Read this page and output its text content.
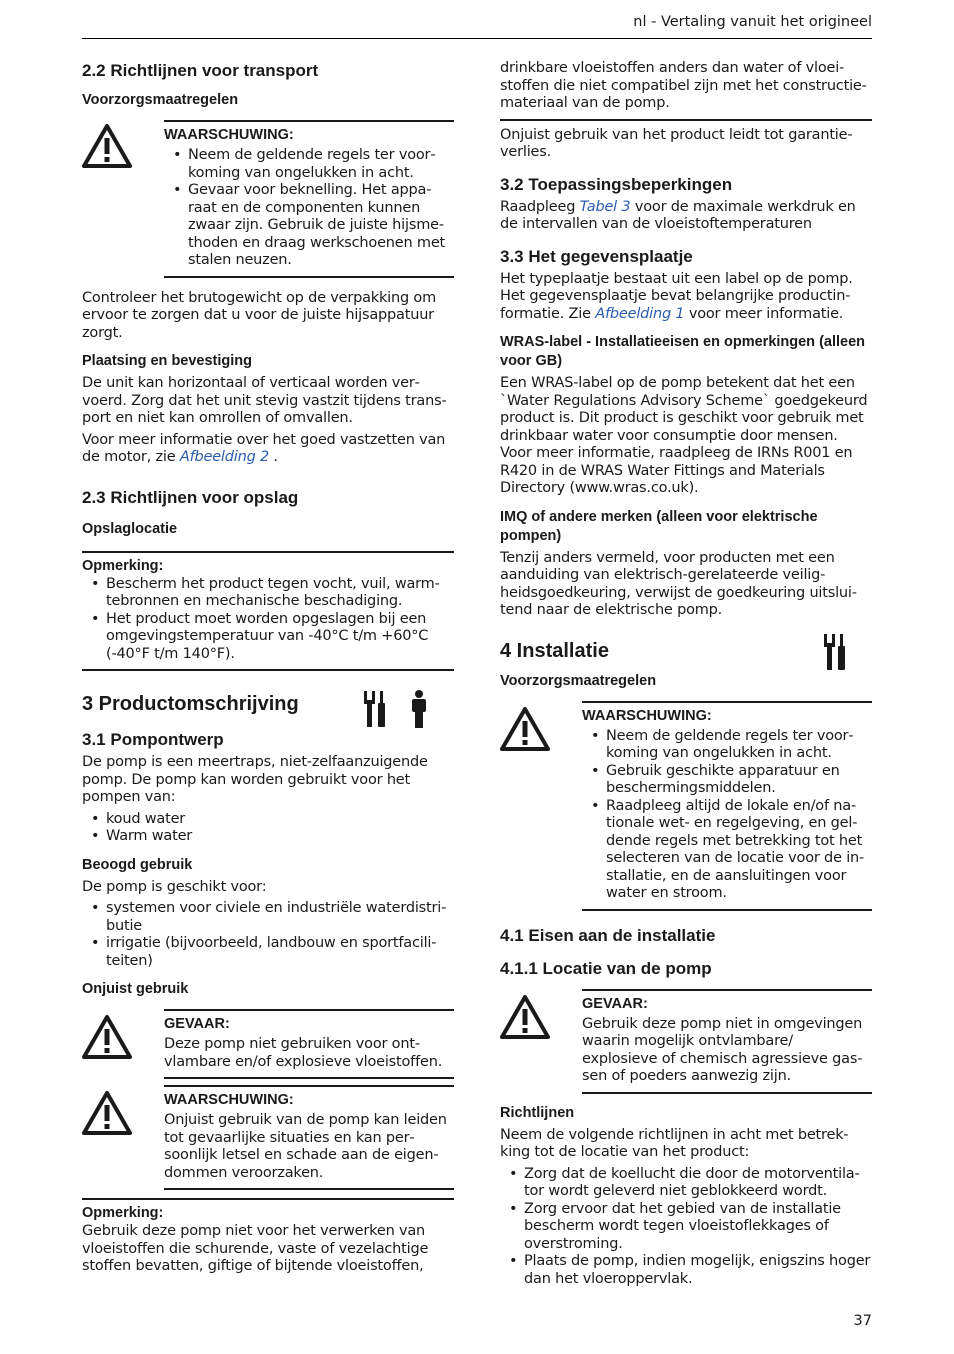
nl - Vertaling vanuit het origineel
2.2 Richtlijnen voor transport
Voorzorgsmaatregelen
WAARSCHUWING:
• Neem de geldende regels ter voorkoming van ongelukken in acht.
• Gevaar voor beknelling. Het apparaat en de componenten kunnen zwaar zijn. Gebruik de juiste hijsmethoden en draag werkschoenen met stalen neuzen.

Controleer het brutogewicht op de verpakking om ervoor te zorgen dat u voor de juiste hijsappatuur zorgt.

Plaatsing en bevestiging

De unit kan horizontaal of verticaal worden vervoerd. Zorg dat het unit stevig vastzit tijdens transport en niet kan omrollen of omvallen.

Voor meer informatie over het goed vastzetten van de motor, zie Afbeelding 2 .

2.3 Richtlijnen voor opslag
Opslaglocatie
Opmerking:
• Bescherm het product tegen vocht, vuil, warmtebronnen en mechanische beschadiging.
• Het product moet worden opgeslagen bij een omgevingstemperatuur van -40°C t/m +60°C (-40°F t/m 140°F).
3 Productomschrijving
3.1 Pompontwerp

De pomp is een meertraps, niet-zelfaanzuigende pomp. De pomp kan worden gebruikt voor het pompen van:

• koud water
• Warm water
Beoogd gebruik

De pomp is geschikt voor:

• systemen voor civiele en industriële waterdistributie
• irrigatie (bijvoorbeeld, landbouw en sportfaciliteiten)
Onjuist gebruik
GEVAAR:

Deze pomp niet gebruiken voor ontvlambare en/of explosieve vloeistoffen.

WAARSCHUWING:

Onjuist gebruik van de pomp kan leiden tot gevaarlijke situaties en kan persoonlijk letsel en schade aan de eigendommen veroorzaken.

Opmerking:

Gebruik deze pomp niet voor het verwerken van vloeistoffen die schurende, vaste of vezelachtige stoffen bevatten, giftige of bijtende vloeistoffen,

drinkbare vloeistoffen anders dan water of vloeistoffen die niet compatibel zijn met het constructiemateriaal van de pomp.

Onjuist gebruik van het product leidt tot garantieverlies.

3.2 Toepassingsbeperkingen

Raadpleeg Tabel 3 voor de maximale werkdruk en de intervallen van de vloeistoftemperaturen

3.3 Het gegevensplaatje

Het typeplaatje bestaat uit een label op de pomp. Het gegevensplaatje bevat belangrijke productinformatie. Zie Afbeelding 1 voor meer informatie.

WRAS-label - Installatieeisen en opmerkingen (alleen voor GB)

Een WRAS-label op de pomp betekent dat het een `Water Regulations Advisory Scheme` goedgekeurd product is. Dit product is geschikt voor gebruik met drinkbaar water voor consumptie door mensen. Voor meer informatie, raadpleeg de IRNs R001 en R420 in de WRAS Water Fittings and Materials Directory (www.wras.co.uk).

IMQ of andere merken (alleen voor elektrische pompen)

Tenzij anders vermeld, voor producten met een aanduiding van elektrisch-gerelateerde veiligheidsgoedkeuring, verwijst de goedkeuring uitsluitend naar de elektrische pomp.

4 Installatie
Voorzorgsmaatregelen
WAARSCHUWING:
• Neem de geldende regels ter voorkoming van ongelukken in acht.
• Gebruik geschikte apparatuur en beschermingsmiddelen.
• Raadpleeg altijd de lokale en/of nationale wet- en regelgeving, en geldende regels met betrekking tot het selecteren van de locatie voor de installatie, en de aansluitingen voor water en stroom.
4.1 Eisen aan de installatie
4.1.1 Locatie van de pomp
GEVAAR:

Gebruik deze pomp niet in omgevingen waarin mogelijk ontvlambare/ explosieve of chemisch agressieve gassen of poeders aanwezig zijn.

Richtlijnen

Neem de volgende richtlijnen in acht met betrekking tot de locatie van het product:

• Zorg dat de koellucht die door de motorventilator wordt geleverd niet geblokkeerd wordt.
• Zorg ervoor dat het gebied van de installatie bescherm wordt tegen vloeistoflekkages of overstroming.
• Plaats de pomp, indien mogelijk, enigszins hoger dan het vloeroppervlak.
37
